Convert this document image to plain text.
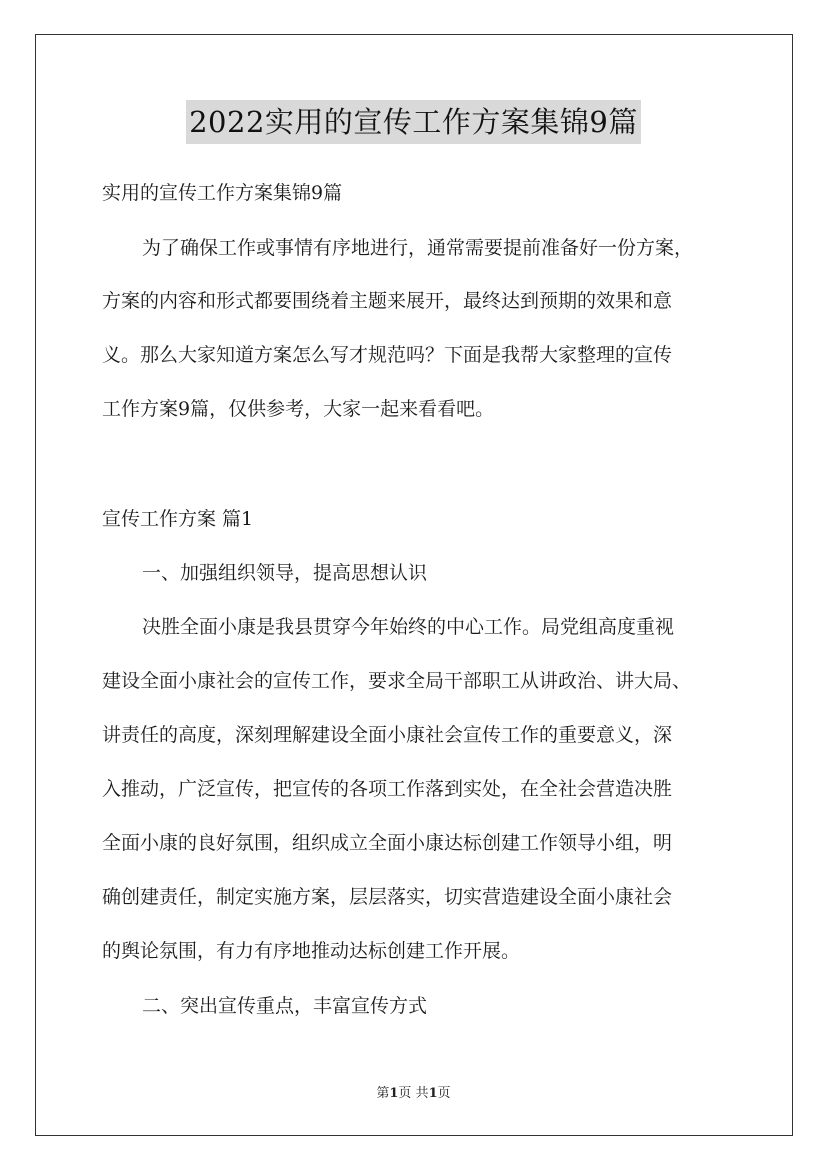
2022实用的宣传工作方案集锦9篇
实用的宣传工作方案集锦9篇
为了确保工作或事情有序地进行，通常需要提前准备好一份方案，
方案的内容和形式都要围绕着主题来展开，最终达到预期的效果和意
义。那么大家知道方案怎么写才规范吗？下面是我帮大家整理的宣传
工作方案9篇，仅供参考，大家一起来看看吧。
宣传工作方案 篇1
一、加强组织领导，提高思想认识
决胜全面小康是我县贯穿今年始终的中心工作。局党组高度重视
建设全面小康社会的宣传工作，要求全局干部职工从讲政治、讲大局、
讲责任的高度，深刻理解建设全面小康社会宣传工作的重要意义，深
入推动，广泛宣传，把宣传的各项工作落到实处，在全社会营造决胜
全面小康的良好氛围，组织成立全面小康达标创建工作领导小组，明
确创建责任，制定实施方案，层层落实，切实营造建设全面小康社会
的舆论氛围，有力有序地推动达标创建工作开展。
二、突出宣传重点，丰富宣传方式
第1页 共1页
